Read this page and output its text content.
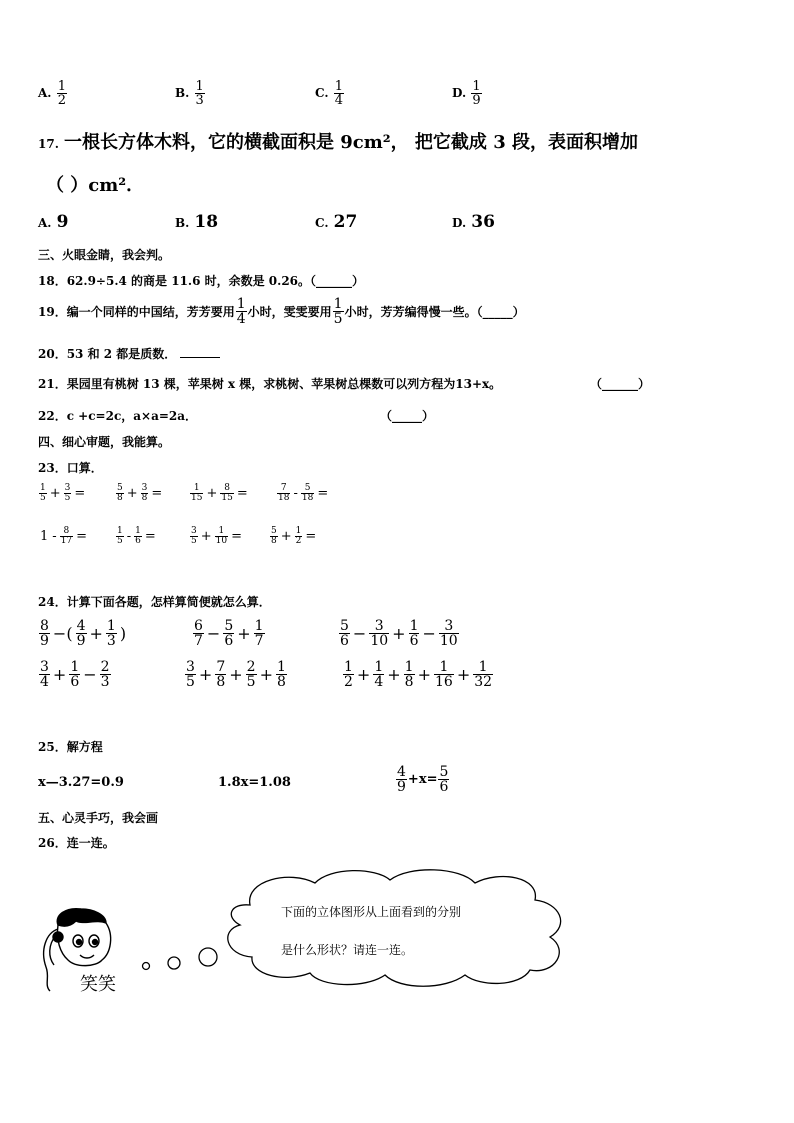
A. $\frac{1}{2}$	B. $\frac{1}{3}$	C. $\frac{1}{4}$	D. $\frac{1}{9}$
17. 一根长方体木料，它的横截面积是 9cm²， 把它截成 3 段，表面积增加
（ ）cm²．
A. 9	B. 18	C. 27	D. 36
三、火眼金睛，我会判。
18．62.9÷5.4 的商是 11.6 时，余数是 0.26。（______）
19．编一个同样的中国结，芳芳要用 $\frac{1}{4}$ 小时，雯雯要用 $\frac{1}{5}$ 小时，芳芳编得慢一些。（_____）
20．53 和 2 都是质数．
21．果园里有桃树 13 棵，苹果树 x 棵，求桃树、苹果树总棵数可以列方程为13+x。	（______）
22．c +c=2c，a×a=2a．	（_____）
四、细心审题，我能算。
23．口算．
$\frac{1}{5} + \frac{3}{5}$ =	$\frac{5}{8} + \frac{3}{8}$ =	$\frac{1}{15} + \frac{8}{15}$ =	$\frac{7}{18} - \frac{5}{18}$ =
$1 - \frac{8}{17}$ =	$\frac{1}{5} - \frac{1}{6}$ =	$\frac{3}{5} + \frac{1}{10}$ =	$\frac{5}{8} + \frac{1}{2}$ =
24．计算下面各题，怎样算简便就怎么算．
$\frac{8}{9}$ −( $\frac{4}{9} + \frac{1}{3}$ )	$\frac{6}{7} - \frac{5}{6} + \frac{1}{7}$	$\frac{5}{6} - \frac{3}{10} + \frac{1}{6} - \frac{3}{10}$
$\frac{3}{4} + \frac{1}{6} - \frac{2}{3}$	$\frac{3}{5} + \frac{7}{8} + \frac{2}{5} + \frac{1}{8}$	$\frac{1}{2} + \frac{1}{4} + \frac{1}{8} + \frac{1}{16} + \frac{1}{32}$
25．解方程
x—3.27=0.9	1.8x=1.08	$\frac{4}{9} +x= \frac{5}{6}$
五、心灵手巧，我会画
26．连一连。
下面的立体图形从上面看到的分别
是什么形状？请连一连。
笑笑
